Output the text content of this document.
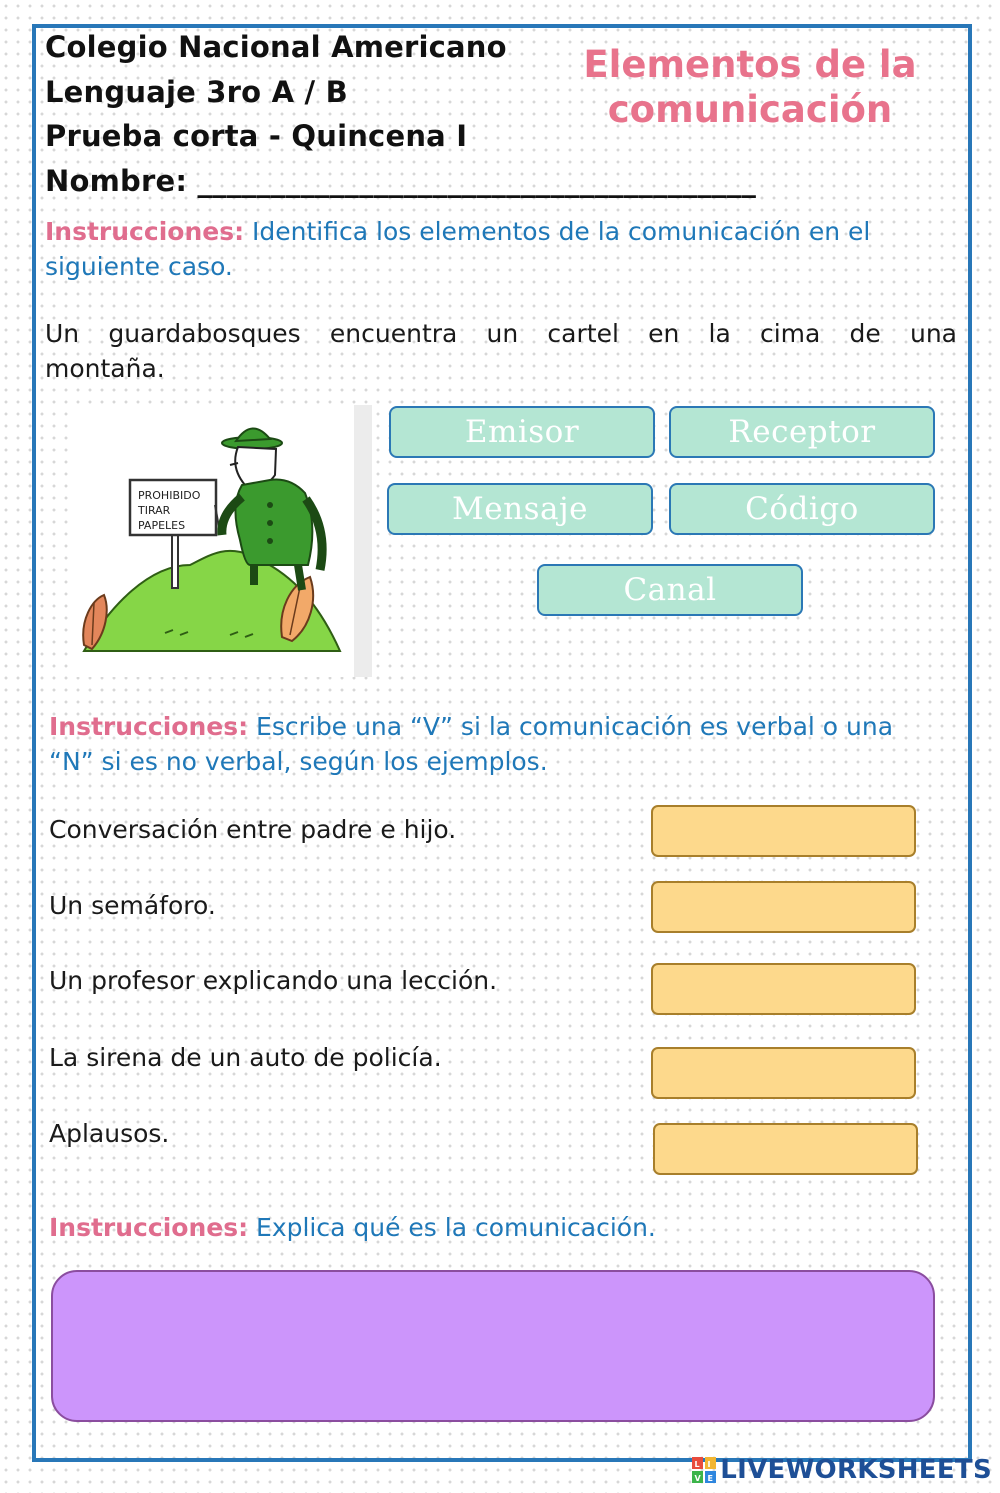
Colegio Nacional Americano
Lenguaje 3ro A / B
Prueba corta - Quincena I
Nombre: ______________________________________
Elementos de la
comunicación
Instrucciones: Identifica los elementos de la comunicación en el
siguiente caso.
Un guardabosques encuentra un cartel en la cima de una
montaña.
PROHIBIDO
TIRAR
PAPELES
Emisor	Receptor
Mensaje	Código
Canal
Instrucciones: Escribe una “V” si la comunicación es verbal o una
“N” si es no verbal, según los ejemplos.
Conversación entre padre e hijo.
Un semáforo.
Un profesor explicando una lección.
La sirena de un auto de policía.
Aplausos.
Instrucciones: Explica qué es la comunicación.
L I
V E LIVEWORKSHEETS
